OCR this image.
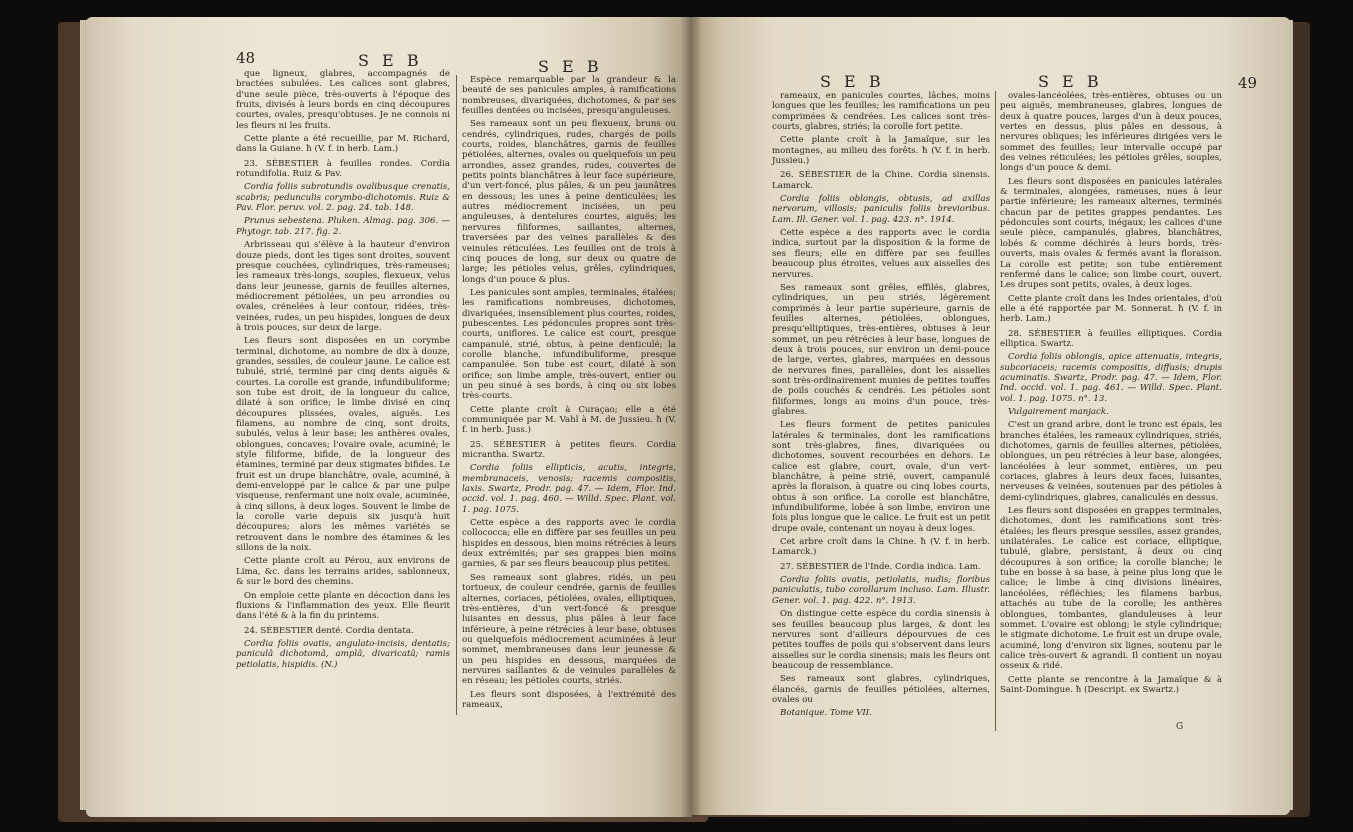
48	S E B	S E B

que ligneux, glabres, accompagnés de bractées subulées. Les calices sont glabres, d'une seule pièce, très-ouverts à l'époque des fruits, divisés à leurs bords en cinq découpures courtes, ovales, presqu'obtuses. Je ne connois ni les fleurs ni les fruits.

Cette plante a été recueillie, par M. Richard, dans la Guiane. ħ (V. f. in herb. Lam.)

23. SÉBESTIER à feuilles rondes. Cordia rotundifolia. Ruiz & Pav.

Cordia foliis subrotundis ovalibusque crenatis, scabris; pedunculis corymbo-dichotomis. Ruiz & Pav. Flor. peruv. vol. 2. pag. 24. tab. 148.

Prunus sebestena. Pluken. Almag. pag. 306. — Phytogr. tab. 217. fig. 2.

Arbrisseau qui s'élève à la hauteur d'environ douze pieds, dont les tiges sont droites, souvent presque couchées, cylindriques, très-rameuses; les rameaux très-longs, souples, flexueux, velus dans leur jeunesse, garnis de feuilles alternes, médiocrement pétiolées, un peu arrondies ou ovales, crénelées à leur contour, ridées, très-veinées, rudes, un peu hispides, longues de deux à trois pouces, sur deux de large.

Les fleurs sont disposées en un corymbe terminal, dichotome, au nombre de dix à douze, grandes, sessiles, de couleur jaune. Le calice est tubulé, strié, terminé par cinq dents aiguës & courtes. La corolle est grande, infundibuliforme; son tube est droit, de la longueur du calice, dilaté à son orifice; le limbe divisé en cinq découpures plissées, ovales, aiguës. Les filamens, au nombre de cinq, sont droits, subulés, velus à leur base; les anthères ovales, oblongues, concaves; l'ovaire ovale, acuminé; le style filiforme, bifide, de la longueur des étamines, terminé par deux stigmates bifides. Le fruit est un drupe blanchâtre, ovale, acuminé, à demi-enveloppé par le calice & par une pulpe visqueuse, renfermant une noix ovale, acuminée, à cinq sillons, à deux loges. Souvent le limbe de la corolle varie depuis six jusqu'à huit découpures; alors les mêmes variétés se retrouvent dans le nombre des étamines & les sillons de la noix.

Cette plante croît au Pérou, aux environs de Lima, &c. dans les terrains arides, sablonneux, & sur le bord des chemins.

On emploie cette plante en décoction dans les fluxions & l'inflammation des yeux. Elle fleurit dans l'été & à la fin du printems.

24. SÉBESTIER denté. Cordia dentata.

Cordia foliis ovatis, angulato-incisis, dentatis; paniculâ dichotomâ, amplâ, divaricatâ; ramis petiolatis, hispidis. (N.)

Espèce remarquable par la grandeur & la beauté de ses panicules amples, à ramifications nombreuses, divariquées, dichotomes, & par ses feuilles dentées ou incisées, presqu'anguleuses.

Ses rameaux sont un peu flexueux, bruns ou cendrés, cylindriques, rudes, chargés de poils courts, roides, blanchâtres, garnis de feuilles pétiolées, alternes, ovales ou quelquefois un peu arrondies, assez grandes, rudes, couvertes de petits points blanchâtres à leur face supérieure, d'un vert-foncé, plus pâles, & un peu jaunâtres en dessous; les unes à peine denticulées; les autres médiocrement incisées, un peu anguleuses, à dentelures courtes, aiguës; les nervures filiformes, saillantes, alternes, traversées par des veines parallèles & des veinules réticulées. Les feuilles ont de trois à cinq pouces de long, sur deux ou quatre de large; les pétioles velus, grêles, cylindriques, longs d'un pouce & plus.

Les panicules sont amples, terminales, étalées; les ramifications nombreuses, dichotomes, divariquées, insensiblement plus courtes, roides, pubescentes. Les pédoncules propres sont très-courts, uniflores. Le calice est court, presque campanulé, strié, obtus, à peine denticulé; la corolle blanche, infundibuliforme, presque campanulée. Son tube est court, dilaté à son orifice; son limbe ample, très-ouvert, entier ou un peu sinué à ses bords, à cinq ou six lobes très-courts.

Cette plante croît à Curaçao; elle a été communiquée par M. Vahl à M. de Jussieu. ħ (V. f. in herb. Juss.)

25. SÉBESTIER à petites fleurs. Cordia micrantha. Swartz.

Cordia foliis ellipticis, acutis, integris, membranaceis, venosis; racemis compositis, laxis. Swartz, Prodr. pag. 47. — Idem, Flor. Ind. occid. vol. 1. pag. 460. — Willd. Spec. Plant. vol. 1. pag. 1075.

Cette espèce a des rapports avec le cordia collococca; elle en diffère par ses feuilles un peu hispides en dessous, bien moins rétrécies à leurs deux extrémités; par ses grappes bien moins garnies, & par ses fleurs beaucoup plus petites.

Ses rameaux sont glabres, ridés, un peu tortueux, de couleur cendrée, garnis de feuilles alternes, coriaces, pétiolées, ovales, elliptiques, très-entières, d'un vert-foncé & presque luisantes en dessus, plus pâles à leur face inférieure, à peine rétrécies à leur base, obtuses ou quelquefois médiocrement acuminées à leur sommet, membraneuses dans leur jeunesse & un peu hispides en dessous, marquées de nervures saillantes & de veinules parallèles & en réseau; les pétioles courts, striés.

Les fleurs sont disposées, à l'extrémité des rameaux,

S E B	S E B	49

rameaux, en panicules courtes, lâches, moins longues que les feuilles; les ramifications un peu comprimées & cendrées. Les calices sont très-courts, glabres, striés; la corolle fort petite.

Cette plante croît à la Jamaïque, sur les montagnes, au milieu des forêts. ħ (V. f. in herb. Jussieu.)

26. SÉBESTIER de la Chine. Cordia sinensis. Lamarck.

Cordia foliis oblongis, obtusis, ad axillas nervorum, villosis; paniculis foliis brevioribus. Lam. Ill. Gener. vol. 1. pag. 423. n°. 1914.

Cette espèce a des rapports avec le cordia indica, surtout par la disposition & la forme de ses fleurs; elle en diffère par ses feuilles beaucoup plus étroites, velues aux aisselles des nervures.

Ses rameaux sont grêles, effilés, glabres, cylindriques, un peu striés, légèrement comprimés à leur partie supérieure, garnis de feuilles alternes, pétiolées, oblongues, presqu'elliptiques, très-entières, obtuses à leur sommet, un peu rétrécies à leur base, longues de deux à trois pouces, sur environ un demi-pouce de large, vertes, glabres, marquées en dessous de nervures fines, parallèles, dont les aisselles sont très-ordinairement munies de petites touffes de poils couchés & cendrés. Les pétioles sont filiformes, longs au moins d'un pouce, très-glabres.

Les fleurs forment de petites panicules latérales & terminales, dont les ramifications sont très-glabres, fines, divariquées ou dichotomes, souvent recourbées en dehors. Le calice est glabre, court, ovale, d'un vert-blanchâtre, à peine strié, ouvert, campanulé après la floraison, à quatre ou cinq lobes courts, obtus à son orifice. La corolle est blanchâtre, infundibuliforme, lobée à son limbe, environ une fois plus longue que le calice. Le fruit est un petit drupe ovale, contenant un noyau à deux loges.

Cet arbre croît dans la Chine. ħ (V. f. in herb. Lamarck.)

27. SÉBESTIER de l'Inde. Cordia indica. Lam.

Cordia foliis ovatis, petiolatis, nudis; floribus paniculatis, tubo corollarum incluso. Lam. Illustr. Gener. vol. 1. pag. 422. n°. 1913.

On distingue cette espèce du cordia sinensis à ses feuilles beaucoup plus larges, & dont les nervures sont d'ailleurs dépourvues de ces petites touffes de poils qui s'observent dans leurs aisselles sur le cordia sinensis; mais les fleurs ont beaucoup de ressemblance.

Ses rameaux sont glabres, cylindriques, élancés, garnis de feuilles pétiolées, alternes, ovales ou

Botanique. Tome VII.

ovales-lancéolées, très-entières, obtuses ou un peu aiguës, membraneuses, glabres, longues de deux à quatre pouces, larges d'un à deux pouces, vertes en dessus, plus pâles en dessous, à nervures obliques; les inférieures dirigées vers le sommet des feuilles; leur intervalle occupé par des veines réticulées; les pétioles grêles, souples, longs d'un pouce & demi.

Les fleurs sont disposées en panicules latérales & terminales, alongées, rameuses, nues à leur partie inférieure; les rameaux alternes, terminés chacun par de petites grappes pendantes. Les pédoncules sont courts, inégaux; les calices d'une seule pièce, campanulés, glabres, blanchâtres, lobés & comme déchirés à leurs bords, très-ouverts, mais ovales & fermés avant la floraison. La corolle est petite; son tube entièrement renfermé dans le calice; son limbe court, ouvert. Les drupes sont petits, ovales, à deux loges.

Cette plante croît dans les Indes orientales, d'où elle a été rapportée par M. Sonnerat. ħ (V. f. in herb. Lam.)

28. SÉBESTIER à feuilles elliptiques. Cordia elliptica. Swartz.

Cordia foliis oblongis, apice attenuatis, integris, subcoriaceis; racemis compositis, diffusis; drupis acuminatis. Swartz, Prodr. pag. 47. — Idem, Flor. Ind. occid. vol. 1. pag. 461. — Willd. Spec. Plant. vol. 1. pag. 1075. n°. 13.

Vulgairement manjack.

C'est un grand arbre, dont le tronc est épais, les branches étalées, les rameaux cylindriques, striés, dichotomes, garnis de feuilles alternes, pétiolées, oblongues, un peu rétrécies à leur base, alongées, lancéolées à leur sommet, entières, un peu coriaces, glabres à leurs deux faces, luisantes, nerveuses & veinées, soutenues par des pétioles à demi-cylindriques, glabres, canaliculés en dessus.

Les fleurs sont disposées en grappes terminales, dichotomes, dont les ramifications sont très-étalées; les fleurs presque sessiles, assez grandes, unilatérales. Le calice est coriace, elliptique, tubulé, glabre, persistant, à deux ou cinq découpures à son orifice; la corolle blanche; le tube en bosse à sa base, à peine plus long que le calice; le limbe à cinq divisions linéaires, lancéolées, réfléchies; les filamens barbus, attachés au tube de la corolle; les anthères oblongues, tombantes, glanduleuses à leur sommet. L'ovaire est oblong; le style cylindrique; le stigmate dichotome. Le fruit est un drupe ovale, acuminé, long d'environ six lignes, soutenu par le calice très-ouvert & agrandi. Il contient un noyau osseux & ridé.

Cette plante se rencontre à la Jamaïque & à Saint-Domingue. ħ (Descript. ex Swartz.)

G
